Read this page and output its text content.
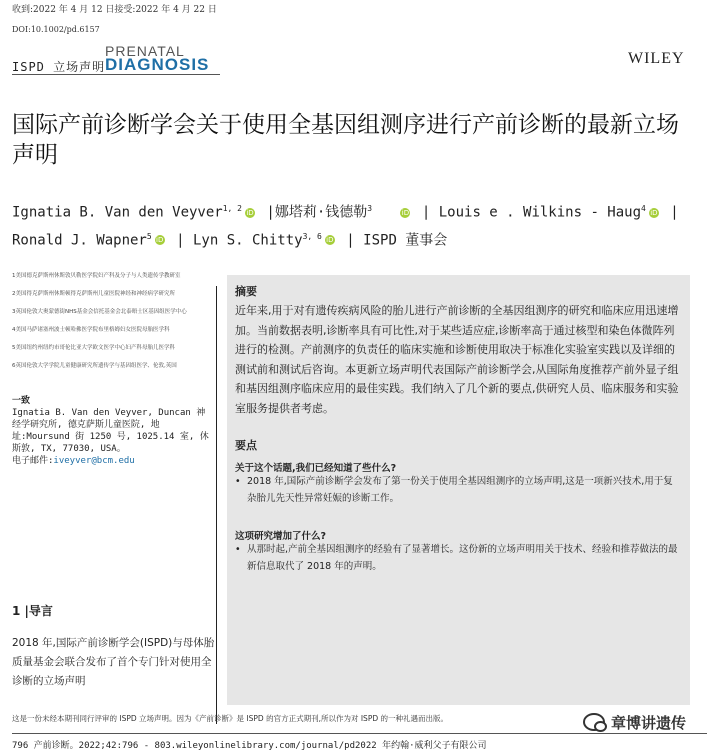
收到:2022 年 4 月 12 日接受:2022 年 4 月 22 日
DOI:10.1002/pd.6157
ISPD 立场声明
PRENATAL
DIAGNOSIS	WILEY
国际产前诊断学会关于使用全基因组测序进行产前诊断的最新立场声明
Ignatia B. Van den Veyver$^{1, 2}$ iD |娜塔莉·钱德勒$^3$	iD | Louis e . Wilkins - Haug$^4$ iD |
Ronald J. Wapner$^5$ iD | Lyn S. Chitty$^{3, 6}$ iD | ISPD 董事会
1美国德克萨斯州休斯敦贝勒医学院妇产科及分子与人类遗传学教研室
2美国得克萨斯州休斯顿得克萨斯州儿童医院神经和神经病学研究所
3英国伦敦大奥蒙德街NHS基金会信托基金会北泰晤士区基因组医学中心
4美国马萨诸塞州波士顿哈佛医学院布里格姆妇女医院母胎医学科
5美国纽约州纽约市哥伦比亚大学欧文医学中心妇产科母胎儿医学科
6英国伦敦大学学院儿童健康研究所遗传学与基因组医学、伦敦,英国
一致
Ignatia B. Van den Veyver, Duncan 神经学研究所, 德克萨斯儿童医院, 地址:Moursund 街 1250 号, 1025.14 室, 休斯敦, TX, 77030, USA。
电子邮件:iveyver@bcm.edu
摘要
近年来,用于对有遗传疾病风险的胎儿进行产前诊断的全基因组测序的研究和临床应用迅速增加。当前数据表明,诊断率具有可比性,对于某些适应症,诊断率高于通过核型和染色体微阵列进行的检测。产前测序的负责任的临床实施和诊断使用取决于标准化实验室实践以及详细的测试前和测试后咨询。本更新立场声明代表国际产前诊断学会,从国际角度推荐产前外显子组和基因组测序临床应用的最佳实践。我们纳入了几个新的要点,供研究人员、临床服务和实验室服务提供者考虑。
要点
关于这个话题,我们已经知道了些什么?
• 2018 年,国际产前诊断学会发布了第一份关于使用全基因组测序的立场声明,这是一项新兴技术,用于复杂胎儿先天性异常妊娠的诊断工作。
这项研究增加了什么?
• 从那时起,产前全基因组测序的经验有了显著增长。这份新的立场声明用关于技术、经验和推荐做法的最新信息取代了 2018 年的声明。
1 |导言
2018 年,国际产前诊断学会(ISPD)与母体胎
质量基金会联合发布了首个专门针对使用全
诊断的立场声明
这是一份未经本期刊同行评审的 ISPD 立场声明。因为《产前诊断》是 ISPD 的官方正式期刊,所以作为对 ISPD 的一种礼遇而出版。
796 产前诊断。2022;42:796 - 803.wileyonlinelibrary.com/journal/pd2022 年约翰·威利父子有限公司
章博讲遗传
